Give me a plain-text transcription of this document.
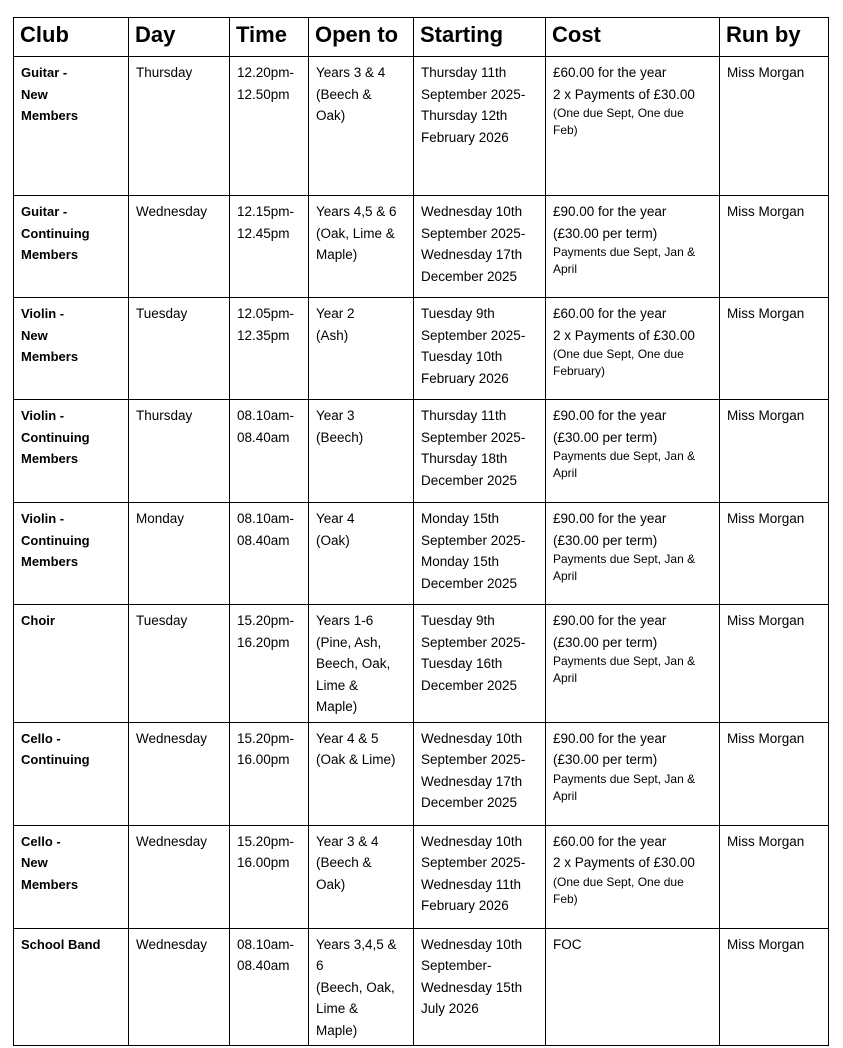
Club	Day	Time	Open to	Starting	Cost	Run by

Guitar -
New
Members	Thursday	12.20pm-
12.50pm	Years 3 & 4
(Beech &
Oak)	Thursday 11th
September 2025-
Thursday 12th
February 2026	£60.00 for the year
2 x Payments of £30.00
(One due Sept, One due
Feb)	Miss Morgan

Guitar -
Continuing
Members	Wednesday	12.15pm-
12.45pm	Years 4,5 & 6
(Oak, Lime &
Maple)	Wednesday 10th
September 2025-
Wednesday 17th
December 2025	£90.00 for the year
(£30.00 per term)
Payments due Sept, Jan &
April	Miss Morgan

Violin -
New
Members	Tuesday	12.05pm-
12.35pm	Year 2
(Ash)	Tuesday 9th
September 2025-
Tuesday 10th
February 2026	£60.00 for the year
2 x Payments of £30.00
(One due Sept, One due
February)	Miss Morgan

Violin -
Continuing
Members	Thursday	08.10am-
08.40am	Year 3
(Beech)	Thursday 11th
September 2025-
Thursday 18th
December 2025	£90.00 for the year
(£30.00 per term)
Payments due Sept, Jan &
April	Miss Morgan

Violin -
Continuing
Members	Monday	08.10am-
08.40am	Year 4
(Oak)	Monday 15th
September 2025-
Monday 15th
December 2025	£90.00 for the year
(£30.00 per term)
Payments due Sept, Jan &
April	Miss Morgan

Choir	Tuesday	15.20pm-
16.20pm	Years 1-6
(Pine, Ash,
Beech, Oak,
Lime &
Maple)	Tuesday 9th
September 2025-
Tuesday 16th
December 2025	£90.00 for the year
(£30.00 per term)
Payments due Sept, Jan &
April	Miss Morgan

Cello -
Continuing	Wednesday	15.20pm-
16.00pm	Year 4 & 5
(Oak & Lime)	Wednesday 10th
September 2025-
Wednesday 17th
December 2025	£90.00 for the year
(£30.00 per term)
Payments due Sept, Jan &
April	Miss Morgan

Cello -
New
Members	Wednesday	15.20pm-
16.00pm	Year 3 & 4
(Beech &
Oak)	Wednesday 10th
September 2025-
Wednesday 11th
February 2026	£60.00 for the year
2 x Payments of £30.00
(One due Sept, One due
Feb)	Miss Morgan

School Band	Wednesday	08.10am-
08.40am	Years 3,4,5 &
6
(Beech, Oak,
Lime &
Maple)	Wednesday 10th
September-
Wednesday 15th
July 2026	FOC	Miss Morgan
